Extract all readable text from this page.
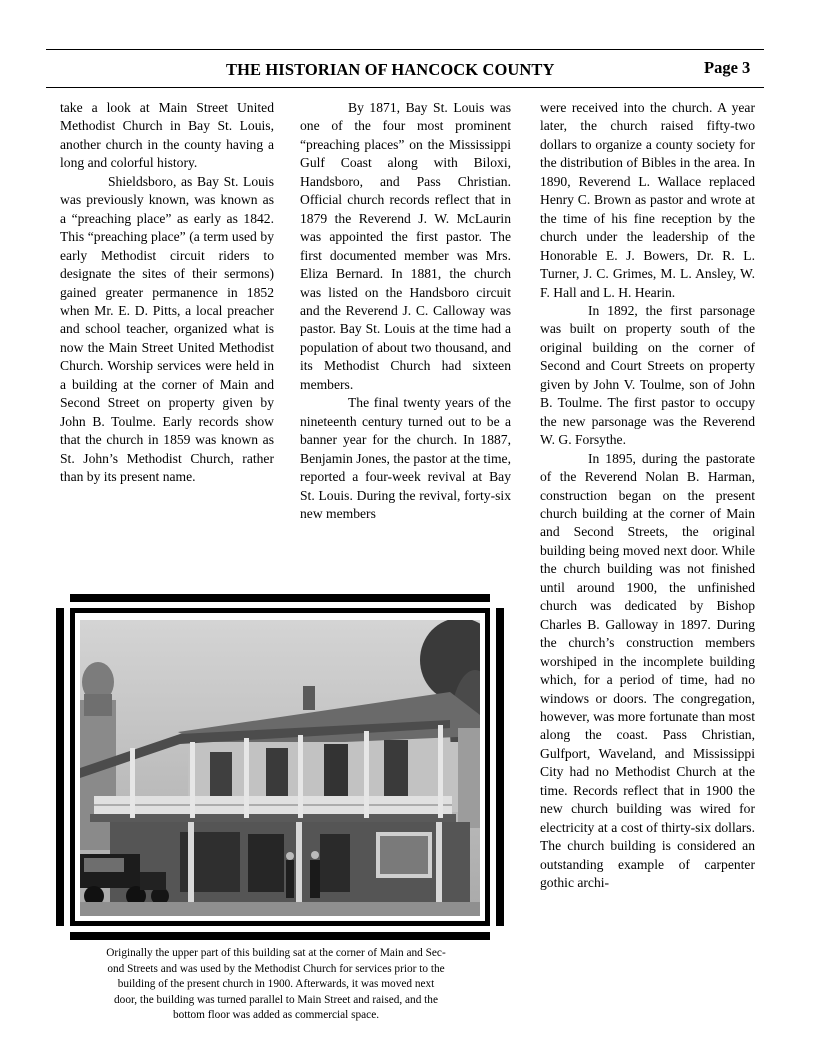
THE HISTORIAN OF HANCOCK COUNTY	Page 3

take a look at Main Street United Methodist Church in Bay St. Louis, another church in the county having a long and colorful history.

Shieldsboro, as Bay St. Louis was previously known, was known as a “preaching place” as early as 1842. This “preaching place” (a term used by early Methodist circuit riders to designate the sites of their sermons) gained greater permanence in 1852 when Mr. E. D. Pitts, a local preacher and school teacher, organized what is now the Main Street United Methodist Church. Worship services were held in a building at the corner of Main and Second Street on property given by John B. Toulme. Early records show that the church in 1859 was known as St. John’s Methodist Church, rather than by its present name.

By 1871, Bay St. Louis was one of the four most prominent “preaching places” on the Mississippi Gulf Coast along with Biloxi, Handsboro, and Pass Christian. Official church records reflect that in 1879 the Reverend J. W. McLaurin was appointed the first pastor. The first documented member was Mrs. Eliza Bernard. In 1881, the church was listed on the Handsboro circuit and the Reverend J. C. Calloway was pastor. Bay St. Louis at the time had a population of about two thousand, and its Methodist Church had sixteen members.

The final twenty years of the nineteenth century turned out to be a banner year for the church. In 1887, Benjamin Jones, the pastor at the time, reported a four-week revival at Bay St. Louis. During the revival, forty-six new members

were received into the church. A year later, the church raised fifty-two dollars to organize a county society for the distribution of Bibles in the area. In 1890, Reverend L. Wallace replaced Henry C. Brown as pastor and wrote at the time of his fine reception by the church under the leadership of the Honorable E. J. Bowers, Dr. R. L. Turner, J. C. Grimes, M. L. Ansley, W. F. Hall and L. H. Hearin.

In 1892, the first parsonage was built on property south of the original building on the corner of Second and Court Streets on property given by John V. Toulme, son of John B. Toulme. The first pastor to occupy the new parsonage was the Reverend W. G. Forsythe.

In 1895, during the pastorate of the Reverend Nolan B. Harman, construction began on the present church building at the corner of Main and Second Streets, the original building being moved next door. While the church building was not finished until around 1900, the unfinished church was dedicated by Bishop Charles B. Galloway in 1897. During the church’s construction members worshiped in the incomplete building which, for a period of time, had no windows or doors. The congregation, however, was more fortunate than most along the coast. Pass Christian, Gulfport, Waveland, and Mississippi City had no Methodist Church at the time. Records reflect that in 1900 the new church building was wired for electricity at a cost of thirty-six dollars. The church building is considered an outstanding example of carpenter gothic archi-

Originally the upper part of this building sat at the corner of Main and Sec-
ond Streets and was used by the Methodist Church for services prior to the
building of the present church in 1900. Afterwards, it was moved next
door, the building was turned parallel to Main Street and raised, and the
bottom floor was added as commercial space.
